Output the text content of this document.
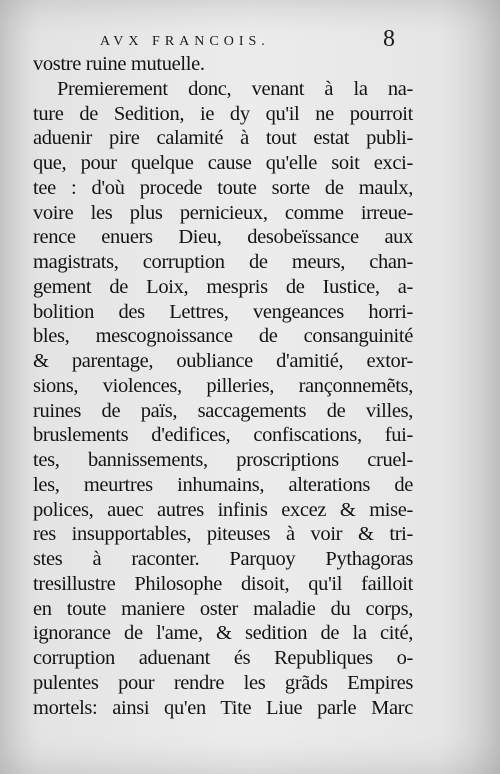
AVX FRANCOIS.	8
vostre ruine mutuelle.
Premierement donc, venant à la na-
ture de Sedition, ie dy qu'il ne pourroit
aduenir pire calamité à tout estat publi-
que, pour quelque cause qu'elle soit exci-
tee : d'où procede toute sorte de maulx,
voire les plus pernicieux, comme irreue-
rence enuers Dieu, desobeïssance aux
magistrats, corruption de meurs, chan-
gement de Loix, mespris de Iustice, a-
bolition des Lettres, vengeances horri-
bles, mescognoissance de consanguinité
& parentage, oubliance d'amitié, extor-
sions, violences, pilleries, rançonnemẽts,
ruines de païs, saccagements de villes,
bruslements d'edifices, confiscations, fui-
tes, bannissements, proscriptions cruel-
les, meurtres inhumains, alterations de
polices, auec autres infinis excez & mise-
res insupportables, piteuses à voir & tri-
stes à raconter. Parquoy Pythagoras
tresillustre Philosophe disoit, qu'il failloit
en toute maniere oster maladie du corps,
ignorance de l'ame, & sedition de la cité,
corruption aduenant és Republiques o-
pulentes pour rendre les grãds Empires
mortels: ainsi qu'en Tite Liue parle Marc
